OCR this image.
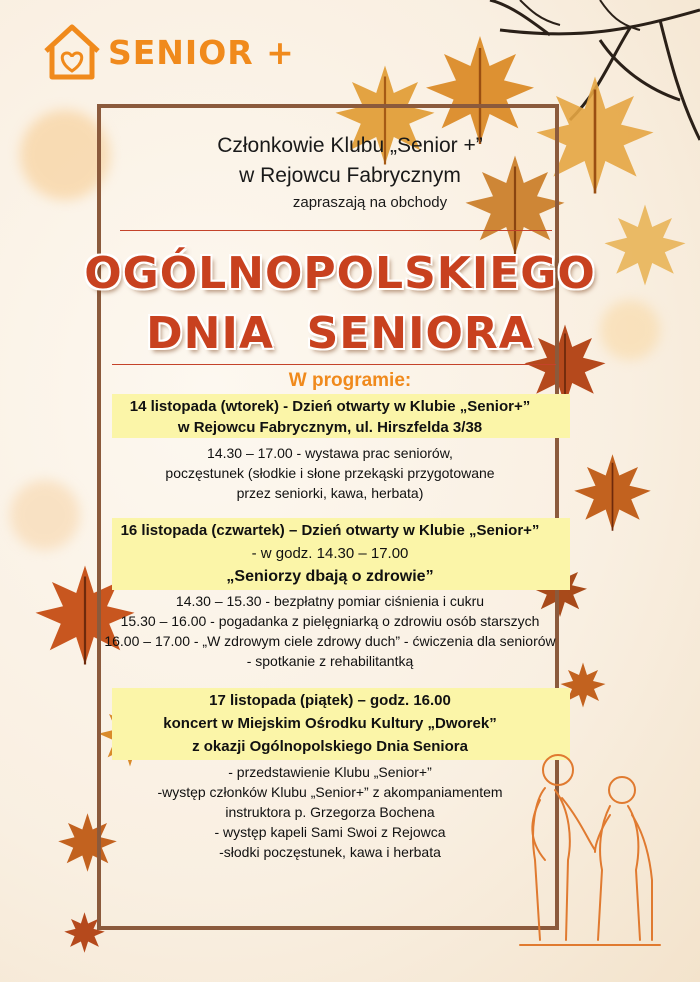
SENIOR +
Członkowie Klubu „Senior +”
w Rejowcu Fabrycznym
zapraszają na obchody
OGÓLNOPOLSKIEGO
DNIA  SENIORA
W programie:
14 listopada (wtorek) - Dzień otwarty w Klubie „Senior+”
w Rejowcu Fabrycznym, ul. Hirszfelda 3/38
14.30 – 17.00 - wystawa prac seniorów,
poczęstunek (słodkie i słone przekąski przygotowane
przez seniorki, kawa, herbata)
16 listopada (czwartek) – Dzień otwarty w Klubie „Senior+”
- w godz. 14.30 – 17.00
„Seniorzy dbają o zdrowie”
14.30 – 15.30 - bezpłatny pomiar ciśnienia i cukru
15.30 – 16.00 - pogadanka z pielęgniarką o zdrowiu osób starszych
16.00 – 17.00 - „W zdrowym ciele zdrowy duch” - ćwiczenia dla seniorów
- spotkanie z rehabilitantką
17 listopada (piątek) – godz. 16.00
koncert w Miejskim Ośrodku Kultury „Dworek”
z okazji Ogólnopolskiego Dnia Seniora
- przedstawienie Klubu „Senior+”
-występ członków Klubu „Senior+” z akompaniamentem
instruktora p. Grzegorza Bochena
- występ kapeli Sami Swoi z Rejowca
-słodki poczęstunek, kawa i herbata
